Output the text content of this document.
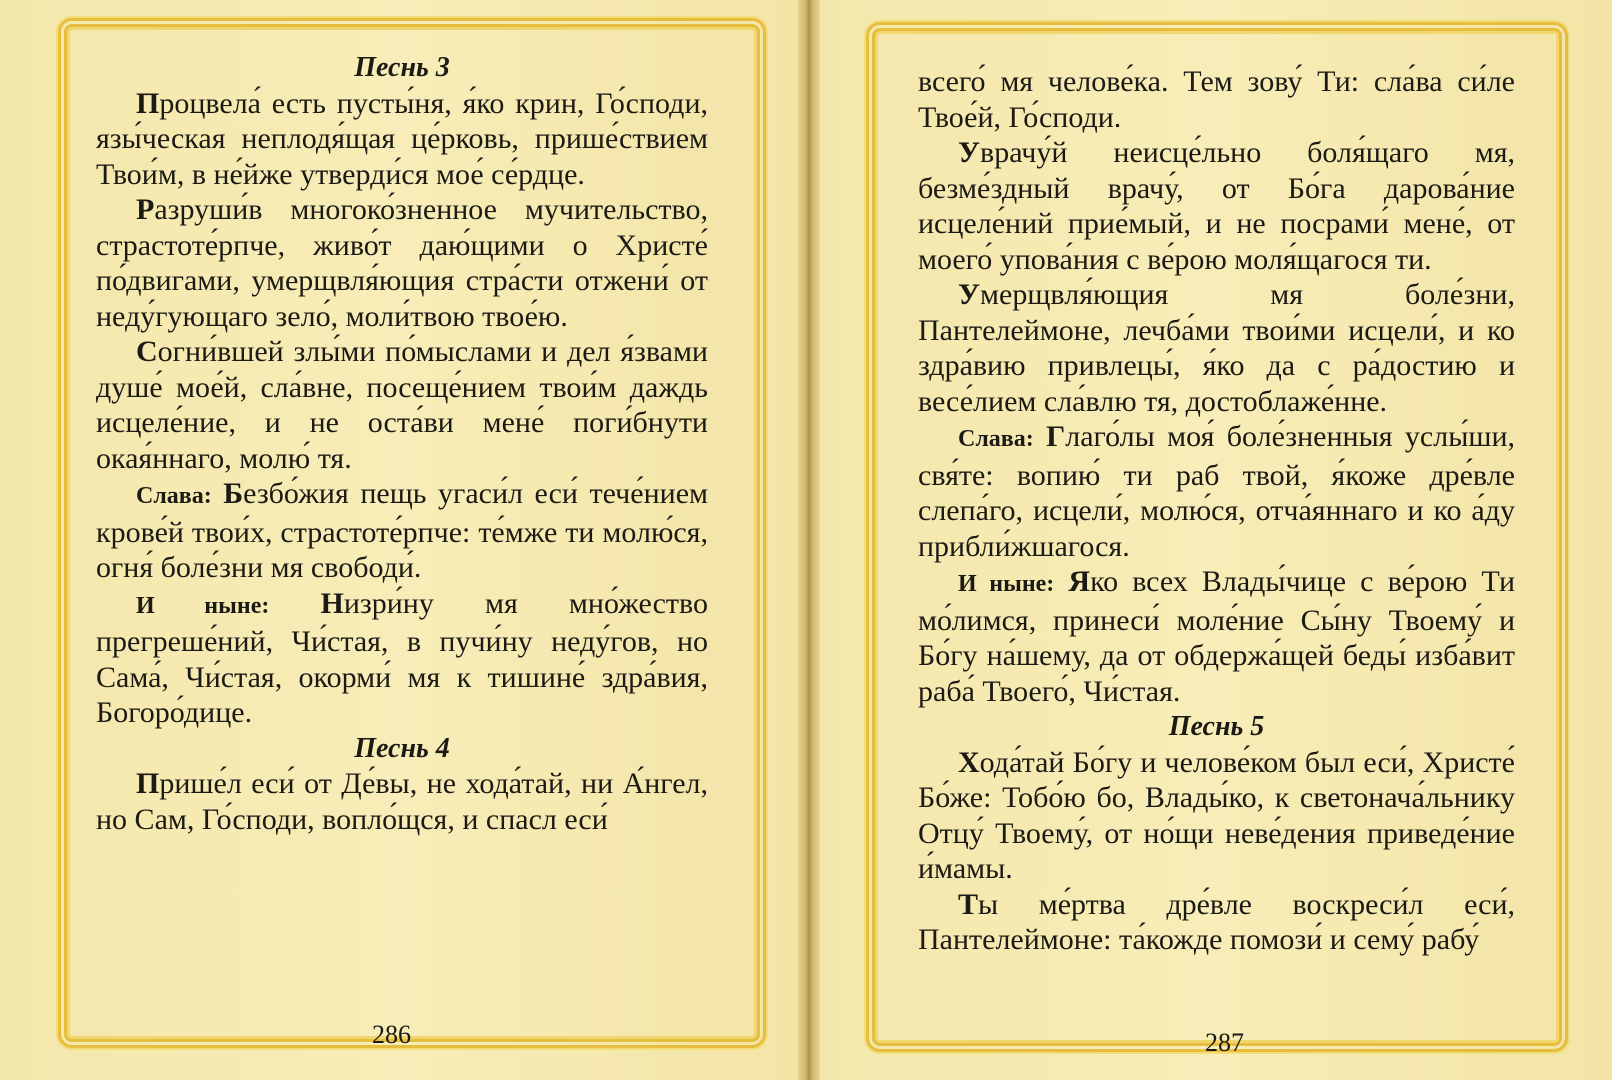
Песнь 3

Процвела́ есть пусты́ня, я́ко крин, Го́споди, язы́ческая неплодя́щая це́рковь, прише́ствием Твои́м, в не́йже утверди́ся мое́ се́рдце.

Разруши́в многоко́зненное мучительство, страстоте́рпче, живо́т даю́щими о Христе́ по́двигами, умерщвля́ющия стра́сти отжени́ от неду́гующаго зело́, моли́твою твое́ю.

Согни́вшей злы́ми по́мыслами и дел я́звами душе́ мое́й, сла́вне, посеще́нием твои́м даждь исцеле́ние, и не оста́ви мене́ поги́бнути окая́ннаго, молю́ тя.

Слава: Безбо́жия пещь угаси́л еси́ тече́нием крове́й твои́х, страстоте́рпче: те́мже ти молю́ся, огня́ боле́зни мя свободи́.

И ныне: Низри́ну мя мно́жество прегреше́ний, Чи́стая, в пучи́ну неду́гов, но Сама́, Чи́стая, окорми́ мя к тишине́ здра́вия, Богоро́дице.

Песнь 4

Прише́л еси́ от Де́вы, не хода́тай, ни А́нгел, но Сам, Го́споди, вопло́щся, и спасл еси́

286

всего́ мя челове́ка. Тем зову́ Ти: сла́ва си́ле Твое́й, Го́споди.

Уврачу́й неисце́льно боля́щаго мя, безме́здный врачу́, от Бо́га дарова́ние исцеле́ний прие́мый, и не посрами́ мене́, от моего́ упова́ния с ве́рою моля́щагося ти.

Умерщвля́ющия мя боле́зни, Пантелеймоне, лечба́ми твои́ми исцели́, и ко здра́вию привлецы́, я́ко да с ра́достию и весе́лием сла́влю тя, достоблаже́нне.

Слава: Глаго́лы моя́ боле́зненныя услы́ши, свя́те: вопию́ ти раб твой, я́коже дре́вле слепа́го, исцели́, молю́ся, отча́яннаго и ко а́ду прибли́жшагося.

И ныне: Яко всех Влады́чице с ве́рою Ти мо́лимся, принеси́ моле́ние Сы́ну Твоему́ и Бо́гу на́шему, да от обдержа́щей беды́ изба́вит раба́ Твоего́, Чи́стая.

Песнь 5

Хода́тай Бо́гу и челове́ком был еси́, Христе́ Бо́же: Тобо́ю бо, Влады́ко, к светонача́льнику Отцу́ Твоему́, от но́щи неве́дения приведе́ние и́мамы.

Ты ме́ртва дре́вле воскреси́л еси́, Пантелеймоне: та́кожде помози́ и сему́ рабу́

287
